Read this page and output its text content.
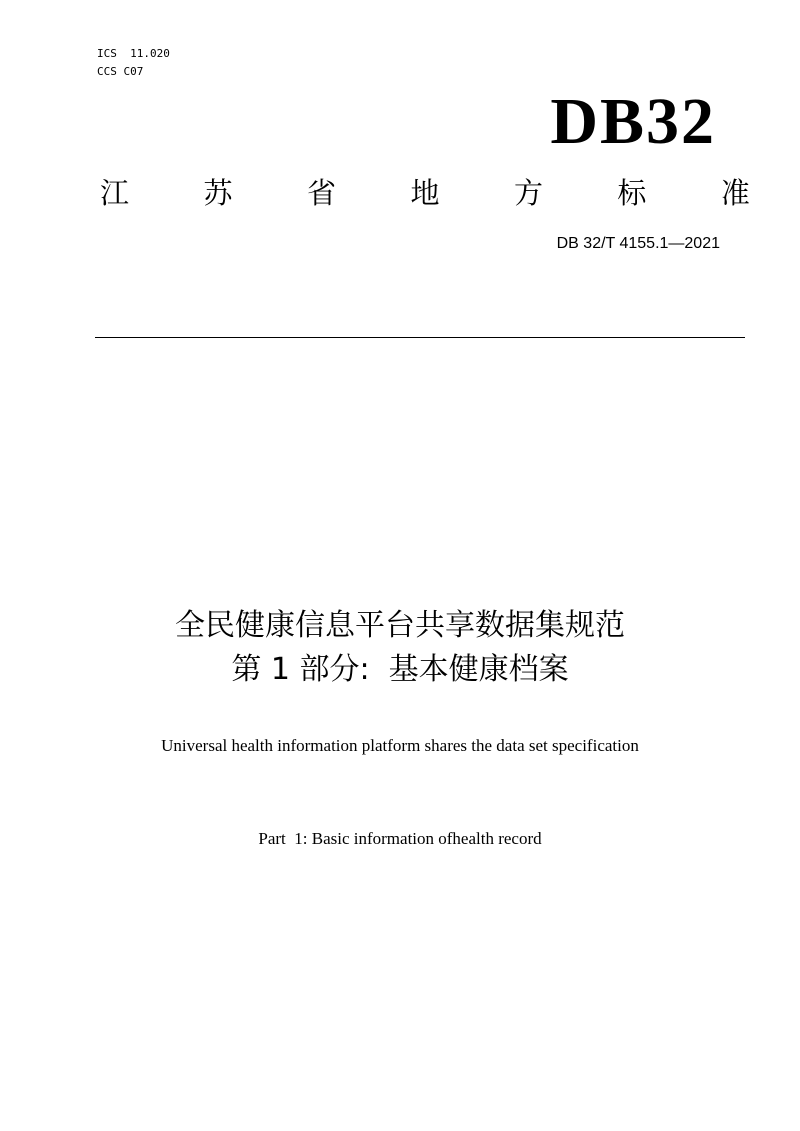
ICS  11.020
CCS C07
DB32
江	苏	省	地	方	标	准
DB 32/T 4155.1—2021
全民健康信息平台共享数据集规范
第 1 部分:  基本健康档案
Universal health information platform shares the data set specification
Part  1: Basic information ofhealth record
